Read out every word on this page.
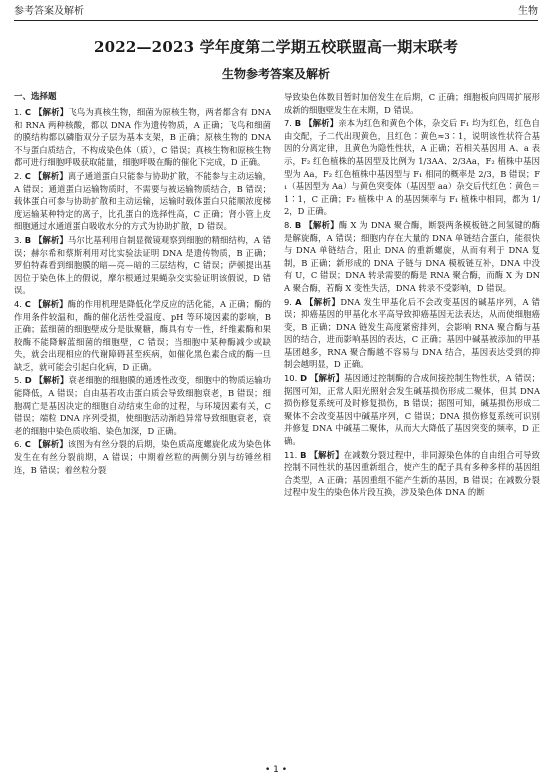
参考答案及解析	生物
2022—2023 学年度第二学期五校联盟高一期末联考
生物参考答案及解析
一、选择题
1. C 【解析】飞鸟为真核生物，细菌为原核生物，两者都含有 DNA 和 RNA 两种核酸，都以 DNA 作为遗传物质，A 正确；飞鸟和细菌的膜结构都以磷脂双分子层为基本支架，B 正确；原核生物的 DNA 不与蛋白质结合，不构成染色体（质），C 错误；真核生物和原核生物都可进行细胞呼吸获取能量，细胞呼吸在酶的催化下完成，D 正确。
2. C 【解析】离子通道蛋白只能参与协助扩散，不能参与主动运输，A 错误；通道蛋白运输物质时，不需要与被运输物质结合，B 错误；载体蛋白可参与协助扩散和主动运输，运输时载体蛋白只能顺浓度梯度运输某种特定的离子，比孔蛋白的选择性高，C 正确；肾小管上皮细胞通过水通道蛋白吸收水分的方式为协助扩散，D 错误。
3. B 【解析】马尔比基利用自制显微镜观察到细胞的精细结构，A 错误；赫尔希和蔡斯利用对比实验法证明 DNA 是遗传物质，B 正确；罗伯特森看到细胞膜的暗—亮—暗的三层结构，C 错误；萨顿提出基因位于染色体上的假说，摩尔根通过果蝇杂交实验证明该假说，D 错误。
4. C 【解析】酶的作用机理是降低化学反应的活化能，A 正确；酶的作用条件较温和，酶的催化活性受温度、pH 等环境因素的影响，B 正确；蓝细菌的细胞壁成分是肽聚糖，酶具有专一性，纤维素酶和果胶酶不能降解蓝细菌的细胞壁，C 错误；当细胞中某种酶减少或缺失，就会出现相应的代谢障碍甚至疾病，如催化黑色素合成的酶一旦缺乏，就可能会引起白化病，D 正确。
5. D 【解析】衰老细胞的细胞膜的通透性改变，细胞中的物质运输功能降低，A 错误；自由基若攻击蛋白质会导致细胞衰老，B 错误；细胞凋亡是基因决定的细胞自动结束生命的过程，与环境因素有关，C 错误；端粒 DNA 序列受损，使细胞活动渐趋异常导致细胞衰老，衰老的细胞中染色质收缩、染色加深，D 正确。
6. C 【解析】该图为有丝分裂的后期，染色质高度螺旋化成为染色体发生在有丝分裂前期，A 错误；中期着丝粒的两侧分别与纺锤丝相连，B 错误；着丝粒分裂
导致染色体数目暂时加倍发生在后期，C 正确；细胞板向四周扩展形成新的细胞壁发生在末期，D 错误。
7. B 【解析】亲本为红色和黄色个体，杂交后 F₁ 均为红色，红色自由交配，子二代出现黄色，且红色∶黄色≈3∶1，说明该性状符合基因的分离定律，且黄色为隐性性状，A 正确；若相关基因用 A、a 表示，F₂ 红色植株的基因型及比例为 1/3AA、2/3Aa，F₂ 植株中基因型为 Aa，F₂ 红色植株中基因型与 F₁ 相同的概率是 2/3，B 错误；F₁（基因型为 Aa）与黄色突变体（基因型 aa）杂交后代红色∶黄色＝1∶1，C 正确；F₂ 植株中 A 的基因频率与 F₁ 植株中相同，都为 1/2，D 正确。
8. B 【解析】酶 X 为 DNA 聚合酶，断裂两条模板链之间氢键的酶是解旋酶，A 错误；细胞内存在大量的 DNA 单链结合蛋白，能很快与 DNA 单链结合，阻止 DNA 的重新螺旋，从而有利于 DNA 复制，B 正确；新形成的 DNA 子链与 DNA 模板链互补，DNA 中没有 U，C 错误；DNA 转录需要的酶是 RNA 聚合酶，而酶 X 为 DNA 聚合酶，若酶 X 变性失活，DNA 转录不受影响，D 错误。
9. A 【解析】DNA 发生甲基化后不会改变基因的碱基序列，A 错误；抑癌基因的甲基化水平高导致抑癌基因无法表达，从而使细胞癌变，B 正确；DNA 链发生高度紧密排列，会影响 RNA 聚合酶与基因的结合，进而影响基因的表达，C 正确；基因中碱基被添加的甲基基团越多，RNA 聚合酶越不容易与 DNA 结合，基因表达受到的抑制会越明显，D 正确。
10. D 【解析】基因通过控制酶的合成间接控制生物性状，A 错误；据图可知，正常人阳光照射会发生碱基损伤形成二聚体，但其 DNA 损伤修复系统可及时修复损伤，B 错误；据图可知，碱基损伤形成二聚体不会改变基因中碱基序列，C 错误；DNA 损伤修复系统可识别并修复 DNA 中碱基二聚体，从而大大降低了基因突变的频率，D 正确。
11. B 【解析】在减数分裂过程中，非同源染色体的自由组合可导致控制不同性状的基因重新组合，使产生的配子具有多种多样的基因组合类型，A 正确；基因重组不能产生新的基因，B 错误；在减数分裂过程中发生的染色体片段互换，涉及染色体 DNA 的断
• 1 •
